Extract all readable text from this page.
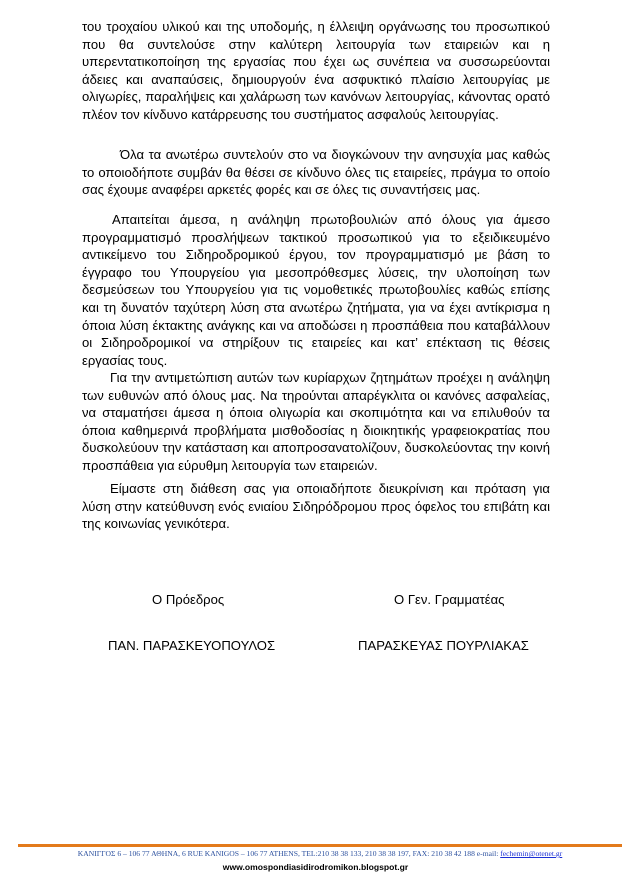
του τροχαίου υλικού και της υποδομής, η έλλειψη οργάνωσης του προσωπικού που θα συντελούσε στην καλύτερη λειτουργία των εταιρειών και η υπερεντατικοποίηση της εργασίας που έχει ως συνέπεια να συσσωρεύονται άδειες και αναπαύσεις, δημιουργούν ένα ασφυκτικό πλαίσιο λειτουργίας με ολιγωρίες, παραλήψεις και χαλάρωση των κανόνων λειτουργίας, κάνοντας ορατό πλέον τον κίνδυνο κατάρρευσης του συστήματος ασφαλούς λειτουργίας.

Όλα τα ανωτέρω συντελούν στο να διογκώνουν την ανησυχία μας καθώς το οποιοδήποτε συμβάν θα θέσει σε κίνδυνο όλες τις εταιρείες, πράγμα το οποίο σας έχουμε αναφέρει αρκετές φορές και σε όλες τις συναντήσεις μας.

Απαιτείται άμεσα, η ανάληψη πρωτοβουλιών από όλους για άμεσο προγραμματισμό προσλήψεων τακτικού προσωπικού για το εξειδικευμένο αντικείμενο του Σιδηροδρομικού έργου, τον προγραμματισμό με βάση το έγγραφο του Υπουργείου για μεσοπρόθεσμες λύσεις, την υλοποίηση των δεσμεύσεων του Υπουργείου για τις νομοθετικές πρωτοβουλίες καθώς επίσης και τη δυνατόν ταχύτερη λύση στα ανωτέρω ζητήματα, για να έχει αντίκρισμα η όποια λύση έκτακτης ανάγκης και να αποδώσει η προσπάθεια που καταβάλλουν οι Σιδηροδρομικοί να στηρίξουν τις εταιρείες και κατ’ επέκταση τις θέσεις εργασίας τους.

Για την αντιμετώπιση αυτών των κυρίαρχων ζητημάτων προέχει η ανάληψη των ευθυνών από όλους μας. Να τηρούνται απαρέγκλιτα οι κανόνες ασφαλείας, να σταματήσει άμεσα η όποια ολιγωρία και σκοπιμότητα και να επιλυθούν τα όποια καθημερινά προβλήματα μισθοδοσίας η διοικητικής γραφειοκρατίας που δυσκολεύουν την κατάσταση και αποπροσανατολίζουν, δυσκολεύοντας την κοινή προσπάθεια για εύρυθμη λειτουργία των εταιρειών.

Είμαστε στη διάθεση σας για οποιαδήποτε διευκρίνιση και πρόταση για λύση στην κατεύθυνση ενός ενιαίου Σιδηρόδρομου προς όφελος του επιβάτη και της κοινωνίας γενικότερα.

Ο Πρόεδρος	Ο Γεν. Γραμματέας
ΠΑΝ. ΠΑΡΑΣΚΕΥΟΠΟΥΛΟΣ	ΠΑΡΑΣΚΕΥΑΣ ΠΟΥΡΛΙΑΚΑΣ
ΚΑΝΙΓΓΟΣ 6 – 106 77 ΑΘΗΝΑ, 6 RUE KANIGOS – 106 77 ATHENS, TEL:210 38 38 133, 210 38 38 197, FAX: 210 38 42 188 e-mail: fechemin@otenet.gr
www.omospondiasidirodromikon.blogspot.gr
